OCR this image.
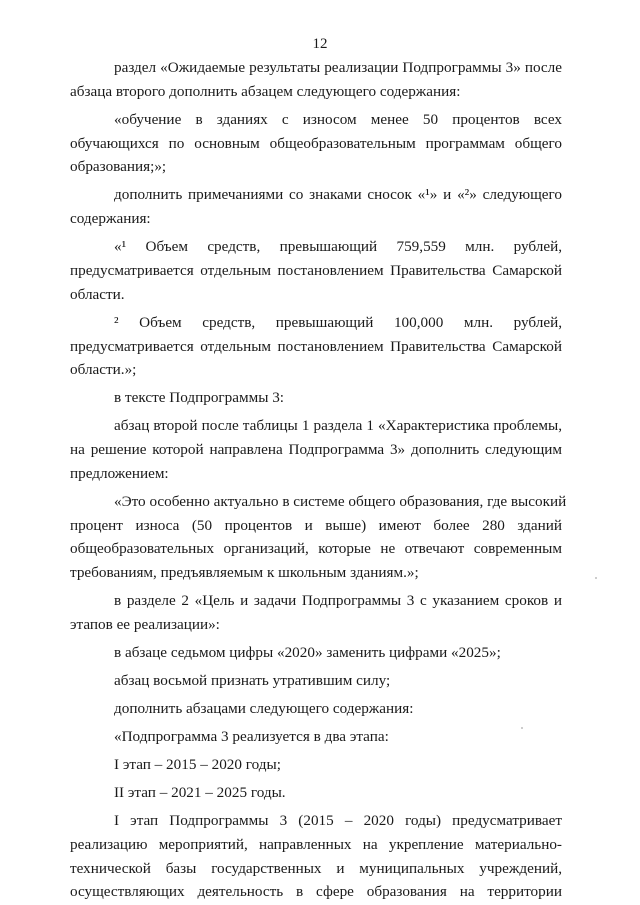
12
раздел «Ожидаемые результаты реализации Подпрограммы 3» после
абзаца второго дополнить абзацем следующего содержания:
«обучение в зданиях с износом менее 50 процентов всех
обучающихся по основным общеобразовательным программам общего
образования;»;
дополнить примечаниями со знаками сносок «¹» и «²» следующего
содержания:
«¹ Объем средств, превышающий 759,559 млн. рублей,
предусматривается отдельным постановлением Правительства Самарской
области.
² Объем средств, превышающий 100,000 млн. рублей,
предусматривается отдельным постановлением Правительства Самарской
области.»;
в тексте Подпрограммы 3:
абзац второй после таблицы 1 раздела 1 «Характеристика проблемы,
на решение которой направлена Подпрограмма 3» дополнить следующим
предложением:
«Это особенно актуально в системе общего образования, где высокий
процент износа (50 процентов и выше) имеют более 280 зданий
общеобразовательных организаций, которые не отвечают современным
требованиям, предъявляемым к школьным зданиям.»;
в разделе 2 «Цель и задачи Подпрограммы 3 с указанием сроков и
этапов ее реализации»:
в абзаце седьмом цифры «2020» заменить цифрами «2025»;
абзац восьмой признать утратившим силу;
дополнить абзацами следующего содержания:
«Подпрограмма 3 реализуется в два этапа:
I этап – 2015 – 2020 годы;
II этап – 2021 – 2025 годы.
I этап Подпрограммы 3 (2015 – 2020 годы) предусматривает
реализацию мероприятий, направленных на укрепление материально-
технической базы государственных и муниципальных учреждений,
осуществляющих деятельность в сфере образования на территории
